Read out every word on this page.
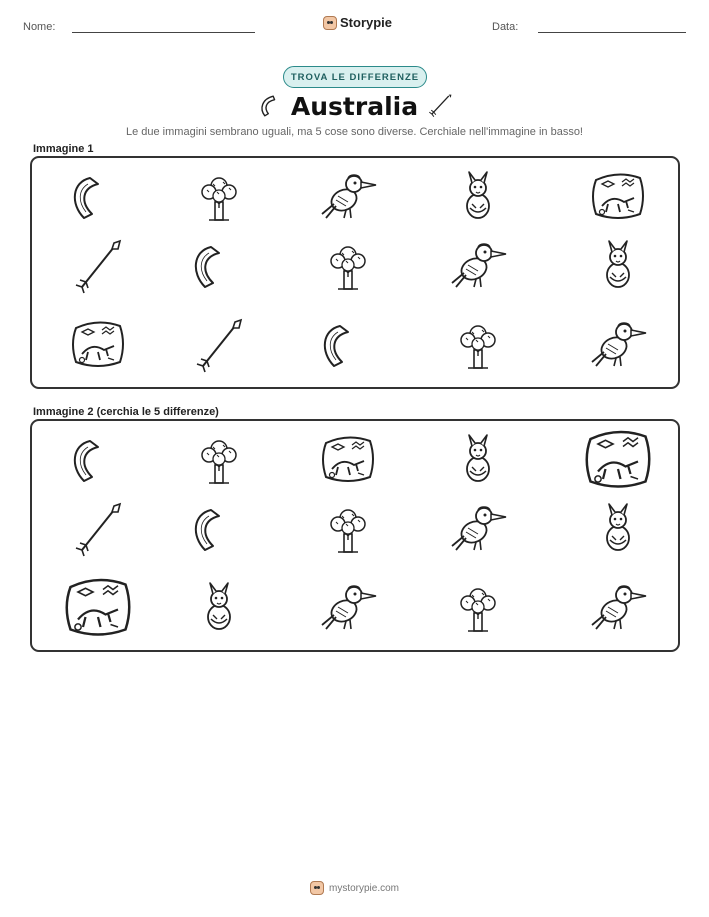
Nome:	Storypie	Data:
TROVA LE DIFFERENZE
Australia
Le due immagini sembrano uguali, ma 5 cose sono diverse. Cerchiale nell'immagine in basso!
Immagine 1
Immagine 2 (cerchia le 5 differenze)
mystorypie.com
